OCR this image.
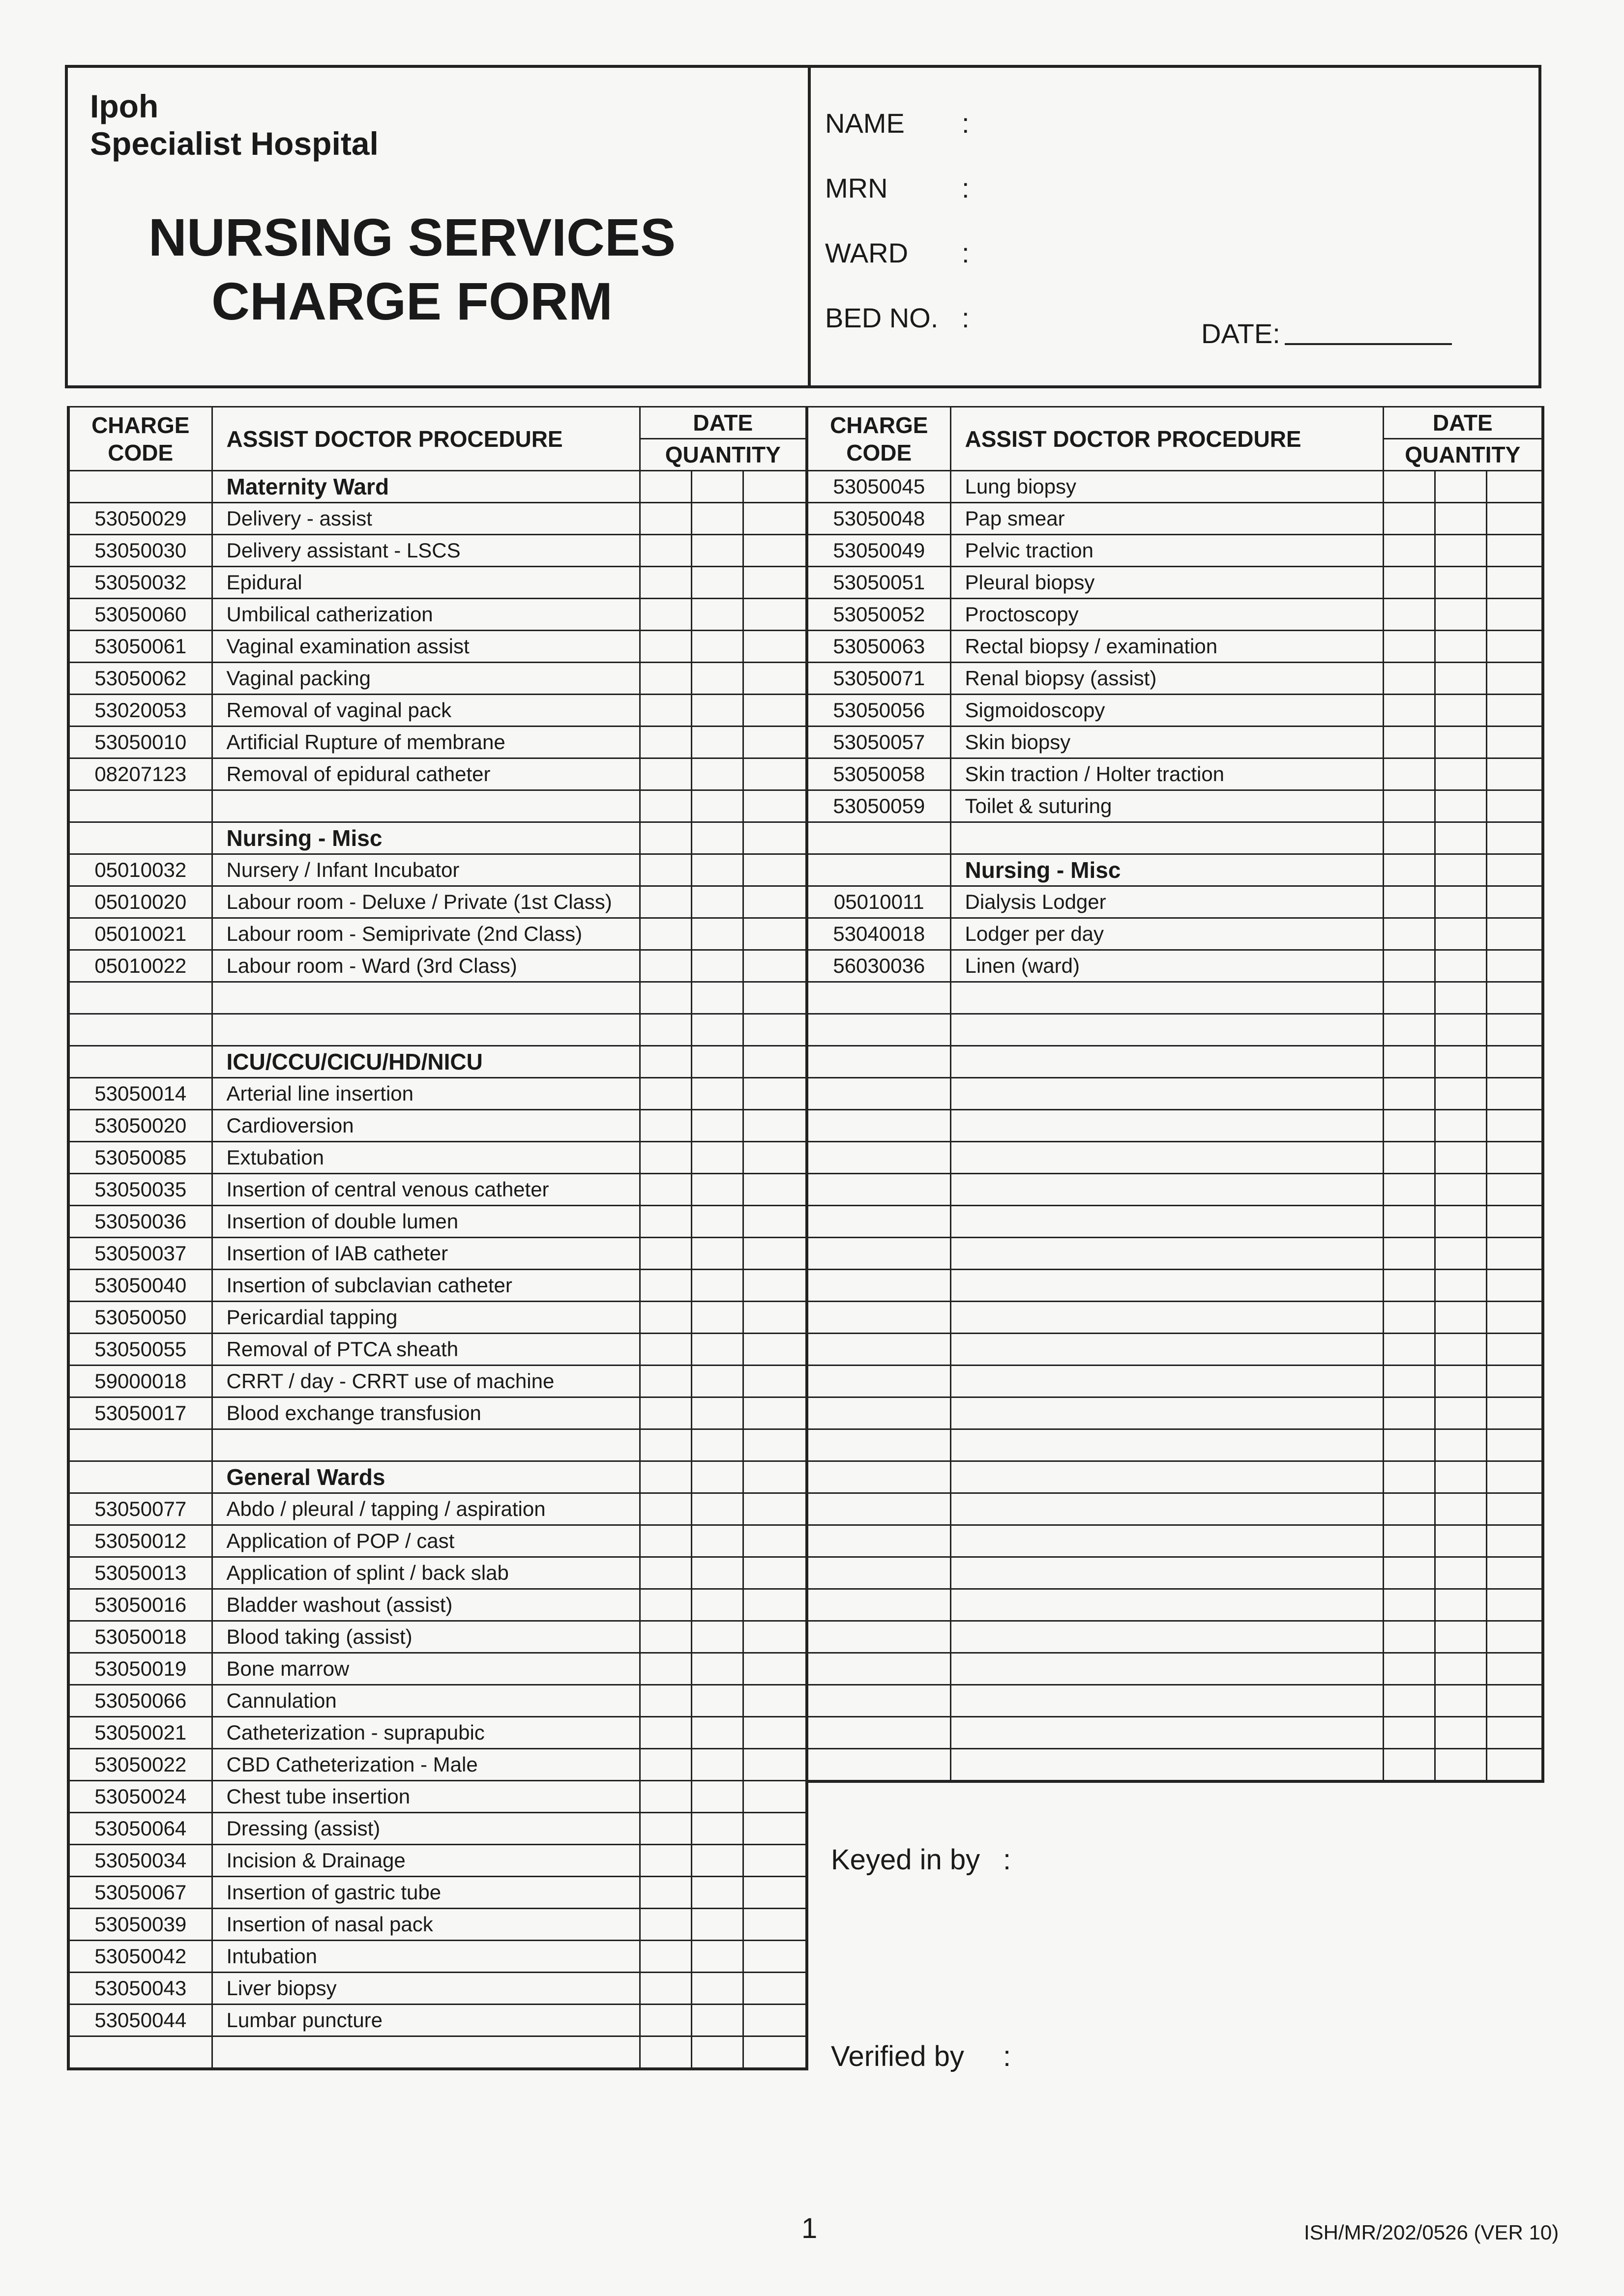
Ipoh
Specialist Hospital
NURSING SERVICES
CHARGE FORM
NAME :
MRN	:
WARD :
BED NO. :
DATE:
CHARGE
CODE	ASSIST DOCTOR PROCEDURE	DATE		
		QUANTITY		
	Maternity Ward			
53050029	Delivery - assist			
53050030	Delivery assistant - LSCS			
53050032	Epidural			
53050060	Umbilical catherization			
53050061	Vaginal examination assist			
53050062	Vaginal packing			
53020053	Removal of vaginal pack			
53050010	Artificial Rupture of membrane			
08207123	Removal of epidural catheter			

	Nursing - Misc			
05010032	Nursery / Infant Incubator			
05010020	Labour room - Deluxe / Private (1st Class)			
05010021	Labour room - Semiprivate (2nd Class)			
05010022	Labour room - Ward (3rd Class)			

	ICU/CCU/CICU/HD/NICU			
53050014	Arterial line insertion			
53050020	Cardioversion			
53050085	Extubation			
53050035	Insertion of central venous catheter			
53050036	Insertion of double lumen			
53050037	Insertion of IAB catheter			
53050040	Insertion of subclavian catheter			
53050050	Pericardial tapping			
53050055	Removal of PTCA sheath			
59000018	CRRT / day - CRRT use of machine			
53050017	Blood exchange transfusion			

	General Wards			
53050077	Abdo / pleural / tapping / aspiration			
53050012	Application of POP / cast			
53050013	Application of splint / back slab			
53050016	Bladder washout (assist)			
53050018	Blood taking (assist)			
53050019	Bone marrow			
53050066	Cannulation			
53050021	Catheterization - suprapubic			
53050022	CBD Catheterization - Male			
53050024	Chest tube insertion			
53050064	Dressing (assist)			
53050034	Incision & Drainage			
53050067	Insertion of gastric tube			
53050039	Insertion of nasal pack			
53050042	Intubation			
53050043	Liver biopsy			
53050044	Lumbar puncture			

CHARGE
CODE	ASSIST DOCTOR PROCEDURE	DATE		
		QUANTITY		
53050045	Lung biopsy			
53050048	Pap smear			
53050049	Pelvic traction			
53050051	Pleural biopsy			
53050052	Proctoscopy			
53050063	Rectal biopsy / examination			
53050071	Renal biopsy (assist)			
53050056	Sigmoidoscopy			
53050057	Skin biopsy			
53050058	Skin traction / Holter traction			
53050059	Toilet & suturing			

	Nursing - Misc			
05010011	Dialysis Lodger			
53040018	Lodger per day			
56030036	Linen (ward)			

Keyed in by :
Verified by :
1	ISH/MR/202/0526 (VER 10)
